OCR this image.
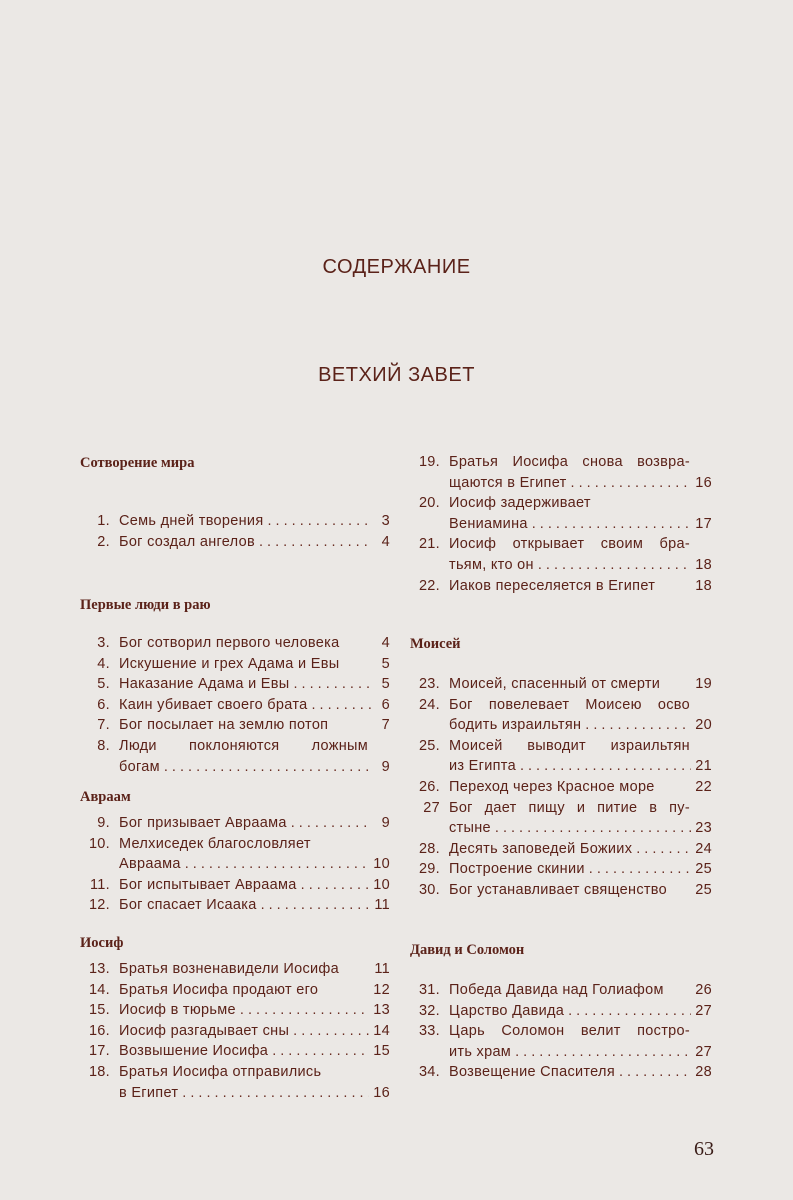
СОДЕРЖАНИЕ
ВЕТХИЙ ЗАВЕТ
Сотворение мира
1. Семь дней творения . . .	3
2. Бог создал ангелов . . .	4
Первые люди в раю
3. Бог сотворил первого человека	4
4. Искушение и грех Адама и Евы	5
5. Наказание Адама и Евы . . .	5
6. Каин убивает своего брата . . .	6
7. Бог посылает на землю потоп	7
8. Люди поклоняются ложным
богам . . .	9
Авраам
9. Бог призывает Авраама . . .	9
10. Мелхиседек благословляет
Авраама . . .	10
11. Бог испытывает Авраама . . .	10
12. Бог спасает Исаака . . .	11
Иосиф
13. Братья возненавидели Иосифа 11
14. Братья Иосифа продают его	12
15. Иосиф в тюрьме . . .	13
16. Иосиф разгадывает сны . . .	14
17. Возвышение Иосифа . . .	15
18. Братья Иосифа отправились
в Египет . . .	16
19. Братья Иосифа снова возвра-
щаются в Египет . . .	16
20. Иосиф задерживает
Вениамина . . .	17
21. Иосиф открывает своим бра-
тьям, кто он . . .	18
22. Иаков переселяется в Египет	18
Моисей
23. Моисей, спасенный от смерти 19
24. Бог повелевает Моисею осво
бодить израильтян . . .	20
25. Моисей выводит израильтян
из Египта . . .	21
26. Переход через Красное море	22
27 Бог дает пищу и питие в пу-
стыне . . .	23
28. Десять заповедей Божиих . . .	24
29. Построение скинии . . .	25
30. Бог устанавливает священство 25
Давид и Соломон
31. Победа Давида над Голиафом 26
32. Царство Давида . . .	27
33. Царь Соломон велит постро-
ить храм . . .	27
34. Возвещение Спасителя . . .	28
63
